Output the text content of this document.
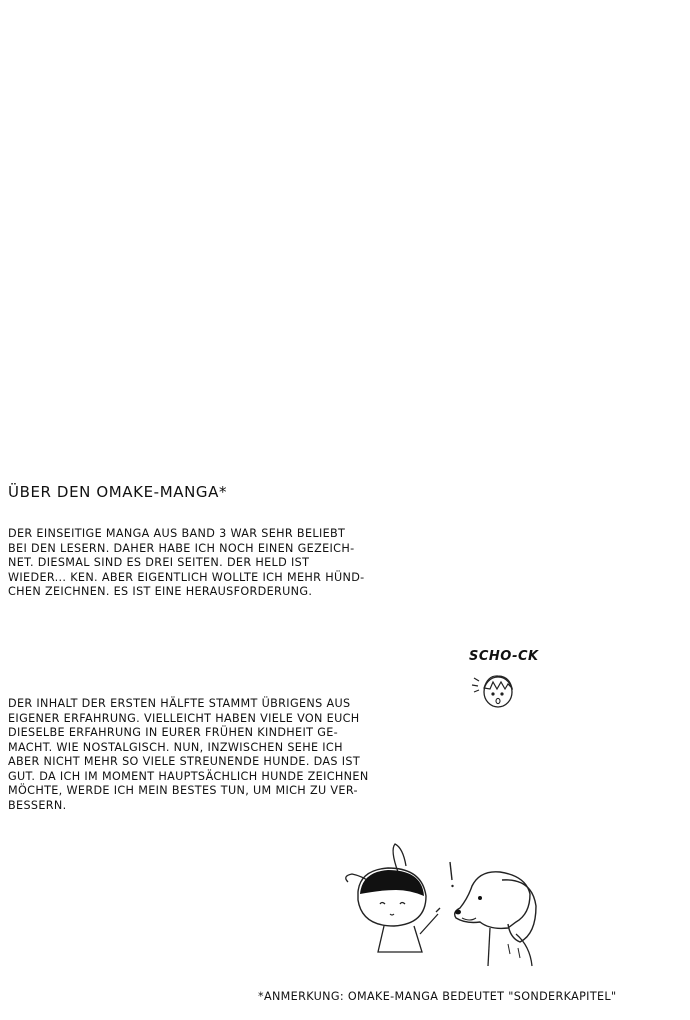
ÜBER DEN OMAKE-MANGA*

DER EINSEITIGE MANGA AUS BAND 3 WAR SEHR BELIEBT
BEI DEN LESERN. DAHER HABE ICH NOCH EINEN GEZEICH-
NET. DIESMAL SIND ES DREI SEITEN. DER HELD IST
WIEDER... KEN. ABER EIGENTLICH WOLLTE ICH MEHR HÜND-
CHEN ZEICHNEN. ES IST EINE HERAUSFORDERUNG.

SCHO-CK

DER INHALT DER ERSTEN HÄLFTE STAMMT ÜBRIGENS AUS
EIGENER ERFAHRUNG. VIELLEICHT HABEN VIELE VON EUCH
DIESELBE ERFAHRUNG IN EURER FRÜHEN KINDHEIT GE-
MACHT. WIE NOSTALGISCH. NUN, INZWISCHEN SEHE ICH
ABER NICHT MEHR SO VIELE STREUNENDE HUNDE. DAS IST
GUT. DA ICH IM MOMENT HAUPTSÄCHLICH HUNDE ZEICHNEN
MÖCHTE, WERDE ICH MEIN BESTES TUN, UM MICH ZU VER-
BESSERN.

*ANMERKUNG: OMAKE-MANGA BEDEUTET "SONDERKAPITEL"
